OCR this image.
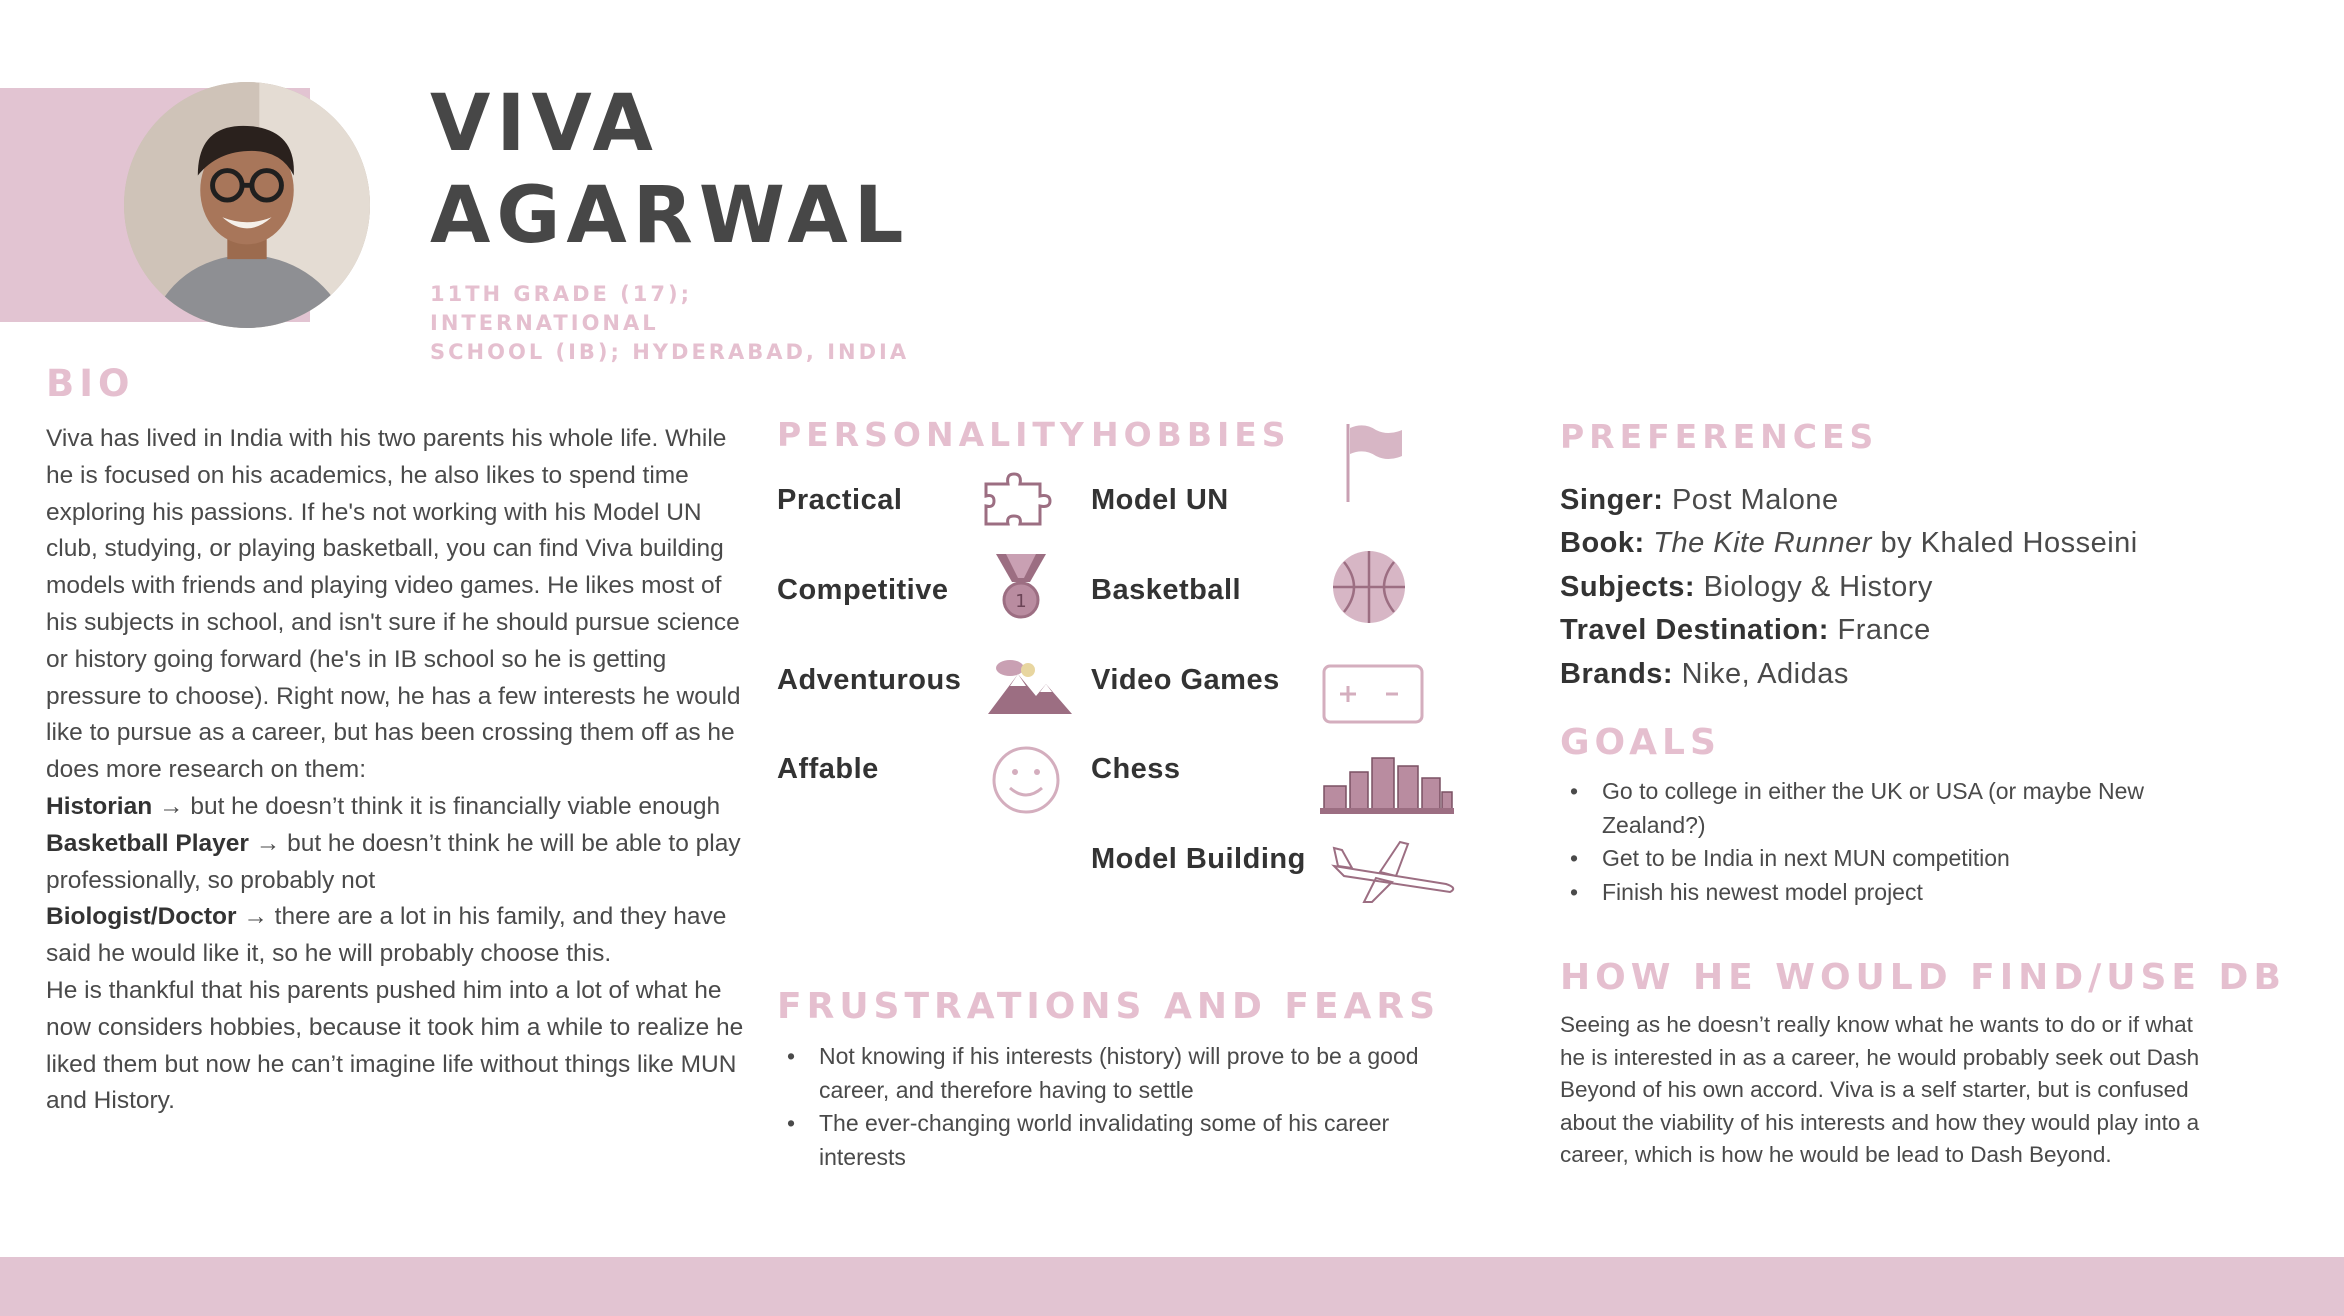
VIVA
AGARWAL
11TH GRADE (17); INTERNATIONAL
SCHOOL (IB); HYDERABAD, INDIA
BIO

Viva has lived in India with his two parents his whole life. While he is focused on his academics, he also likes to spend time exploring his passions. If he's not working with his Model UN club, studying, or playing basketball, you can find Viva building models with friends and playing video games. He likes most of his subjects in school, and isn't sure if he should pursue science or history going forward (he's in IB school so he is getting pressure to choose). Right now, he has a few interests he would like to pursue as a career, but has been crossing them off as he does more research on them:

Historian → but he doesn’t think it is financially viable enough

Basketball Player → but he doesn’t think he will be able to play professionally, so probably not

Biologist/Doctor → there are a lot in his family, and they have said he would like it, so he will probably choose this.

He is thankful that his parents pushed him into a lot of what he now considers hobbies, because it took him a while to realize he liked them but now he can’t imagine life without things like MUN and History.

PERSONALITY
Practical
Competitive
Adventurous
Affable
1
HOBBIES
Model UN
Basketball
Video Games
Chess
Model Building
FRUSTRATIONS AND FEARS
• Not knowing if his interests (history) will prove to be a good career, and therefore having to settle
• The ever-changing world invalidating some of his career interests
PREFERENCES
Singer: Post Malone
Book: The Kite Runner by Khaled Hosseini
Subjects: Biology & History
Travel Destination: France
Brands: Nike, Adidas
GOALS
• Go to college in either the UK or USA (or maybe New Zealand?)
• Get to be India in next MUN competition
• Finish his newest model project
HOW HE WOULD FIND/USE DB
Seeing as he doesn’t really know what he wants to do or if what he is interested in as a career, he would probably seek out Dash Beyond of his own accord. Viva is a self starter, but is confused about the viability of his interests and how they would play into a career, which is how he would be lead to Dash Beyond.
